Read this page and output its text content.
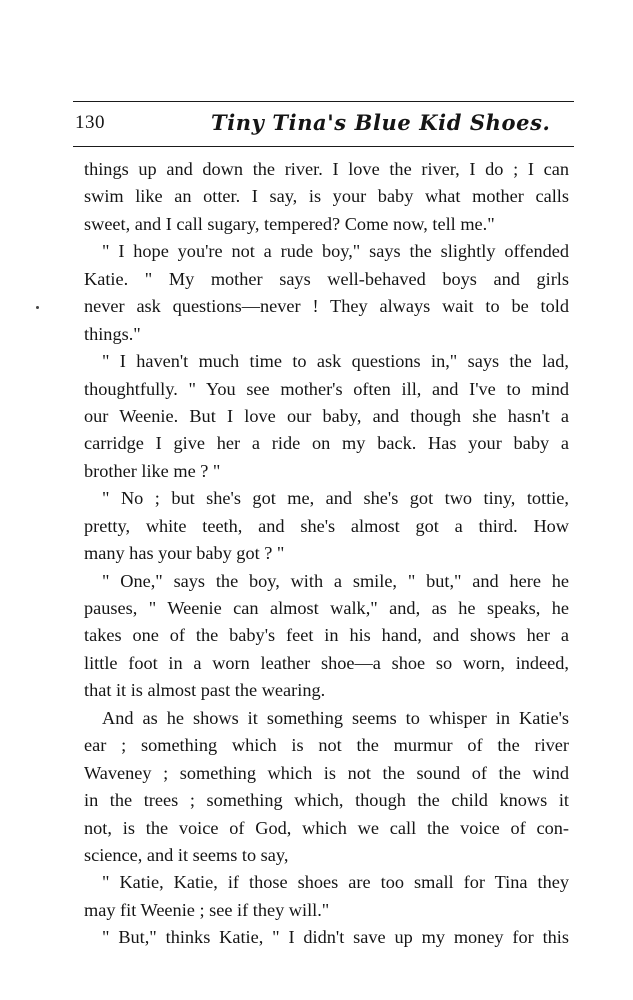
130	Tiny Tina's Blue Kid Shoes.
things up and down the river. I love the river, I do ; I can
swim like an otter. I say, is your baby what mother calls
sweet, and I call sugary, tempered? Come now, tell me."
" I hope you're not a rude boy," says the slightly offended
Katie. " My mother says well-behaved boys and girls
never ask questions—never ! They always wait to be told
things."
" I haven't much time to ask questions in," says the lad,
thoughtfully. " You see mother's often ill, and I've to mind
our Weenie. But I love our baby, and though she hasn't a
carridge I give her a ride on my back. Has your baby a
brother like me ? "
" No ; but she's got me, and she's got two tiny, tottie,
pretty, white teeth, and she's almost got a third. How
many has your baby got ? "
" One," says the boy, with a smile, " but," and here he
pauses, " Weenie can almost walk," and, as he speaks, he
takes one of the baby's feet in his hand, and shows her a
little foot in a worn leather shoe—a shoe so worn, indeed,
that it is almost past the wearing.
And as he shows it something seems to whisper in Katie's
ear ; something which is not the murmur of the river
Waveney ; something which is not the sound of the wind
in the trees ; something which, though the child knows it
not, is the voice of God, which we call the voice of con-
science, and it seems to say,
" Katie, Katie, if those shoes are too small for Tina they
may fit Weenie ; see if they will."
" But," thinks Katie, " I didn't save up my money for this
